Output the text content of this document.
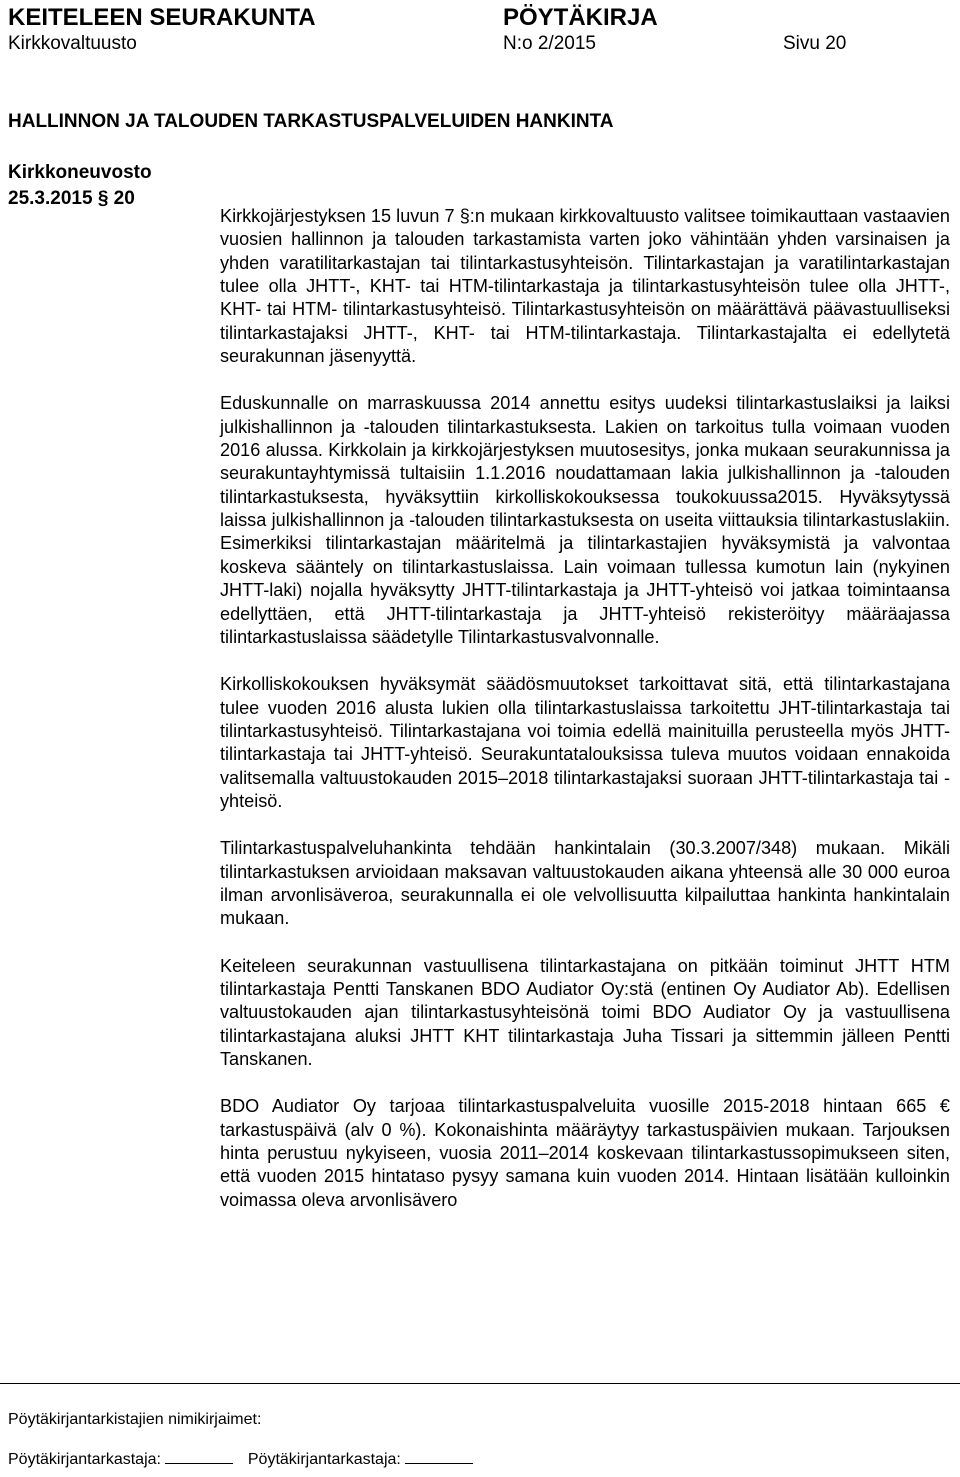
KEITELEEN SEURAKUNTA	PÖYTÄKIRJA
Kirkkovaltuusto	N:o 2/2015	Sivu 20
HALLINNON JA TALOUDEN TARKASTUSPALVELUIDEN HANKINTA
Kirkkoneuvosto
25.3.2015 § 20

Kirkkojärjestyksen 15 luvun 7 §:n mukaan kirkkovaltuusto valitsee toimikauttaan vastaavien vuosien hallinnon ja talouden tarkastamista varten joko vähintään yhden varsinaisen ja yhden varatilitarkastajan tai tilintarkastusyhteisön. Tilintarkastajan ja varatilintarkastajan tulee olla JHTT-, KHT- tai HTM-tilintarkastaja ja tilintarkastusyhteisön tulee olla JHTT-, KHT- tai HTM- tilintarkastusyhteisö. Tilintarkastusyhteisön on määrättävä päävastuulliseksi tilintarkastajaksi JHTT-, KHT- tai HTM-tilintarkastaja. Tilintarkastajalta ei edellytetä seurakunnan jäsenyyttä.

Eduskunnalle on marraskuussa 2014 annettu esitys uudeksi tilintarkastuslaiksi ja laiksi julkishallinnon ja -talouden tilintarkastuksesta. Lakien on tarkoitus tulla voimaan vuoden 2016 alussa. Kirkkolain ja kirkkojärjestyksen muutosesitys, jonka mukaan seurakunnissa ja seurakuntayhtymissä tultaisiin 1.1.2016 noudattamaan lakia julkishallinnon ja -talouden tilintarkastuksesta, hyväksyttiin kirkolliskokouksessa toukokuussa2015. Hyväksytyssä laissa julkishallinnon ja -talouden tilintarkastuksesta on useita viittauksia tilintarkastuslakiin. Esimerkiksi tilintarkastajan määritelmä ja tilintarkastajien hyväksymistä ja valvontaa koskeva sääntely on tilintarkastuslaissa. Lain voimaan tullessa kumotun lain (nykyinen JHTT-laki) nojalla hyväksytty JHTT-tilintarkastaja ja JHTT-yhteisö voi jatkaa toimintaansa edellyttäen, että JHTT-tilintarkastaja ja JHTT-yhteisö rekisteröityy määräajassa tilintarkastuslaissa säädetylle Tilintarkastusvalvonnalle.

Kirkolliskokouksen hyväksymät säädösmuutokset tarkoittavat sitä, että tilintarkastajana tulee vuoden 2016 alusta lukien olla tilintarkastuslaissa tarkoitettu JHT-tilintarkastaja tai tilintarkastusyhteisö. Tilintarkastajana voi toimia edellä mainituilla perusteella myös JHTT-tilintarkastaja tai JHTT-yhteisö. Seurakuntatalouksissa tuleva muutos voidaan ennakoida valitsemalla valtuustokauden 2015–2018 tilintarkastajaksi suoraan JHTT-tilintarkastaja tai -yhteisö.

Tilintarkastuspalveluhankinta tehdään hankintalain (30.3.2007/348) mukaan. Mikäli tilintarkastuksen arvioidaan maksavan valtuustokauden aikana yhteensä alle 30 000 euroa ilman arvonlisäveroa, seurakunnalla ei ole velvollisuutta kilpailuttaa hankinta hankintalain mukaan.

Keiteleen seurakunnan vastuullisena tilintarkastajana on pitkään toiminut JHTT HTM tilintarkastaja Pentti Tanskanen BDO Audiator Oy:stä (entinen Oy Audiator Ab). Edellisen valtuustokauden ajan tilintarkastusyhteisönä toimi BDO Audiator Oy ja vastuullisena tilintarkastajana aluksi JHTT KHT tilintarkastaja Juha Tissari ja sittemmin jälleen Pentti Tanskanen.

BDO Audiator Oy tarjoaa tilintarkastuspalveluita vuosille 2015-2018 hintaan 665 € tarkastuspäivä (alv 0 %). Kokonaishinta määräytyy tarkastuspäivien mukaan. Tarjouksen hinta perustuu nykyiseen, vuosia 2011–2014 koskevaan tilintarkastussopimukseen siten, että vuoden 2015 hintataso pysyy samana kuin vuoden 2014. Hintaan lisätään kulloinkin voimassa oleva arvonlisävero

Pöytäkirjantarkistajien nimikirjaimet:
Pöytäkirjantarkastaja:	Pöytäkirjantarkastaja:
